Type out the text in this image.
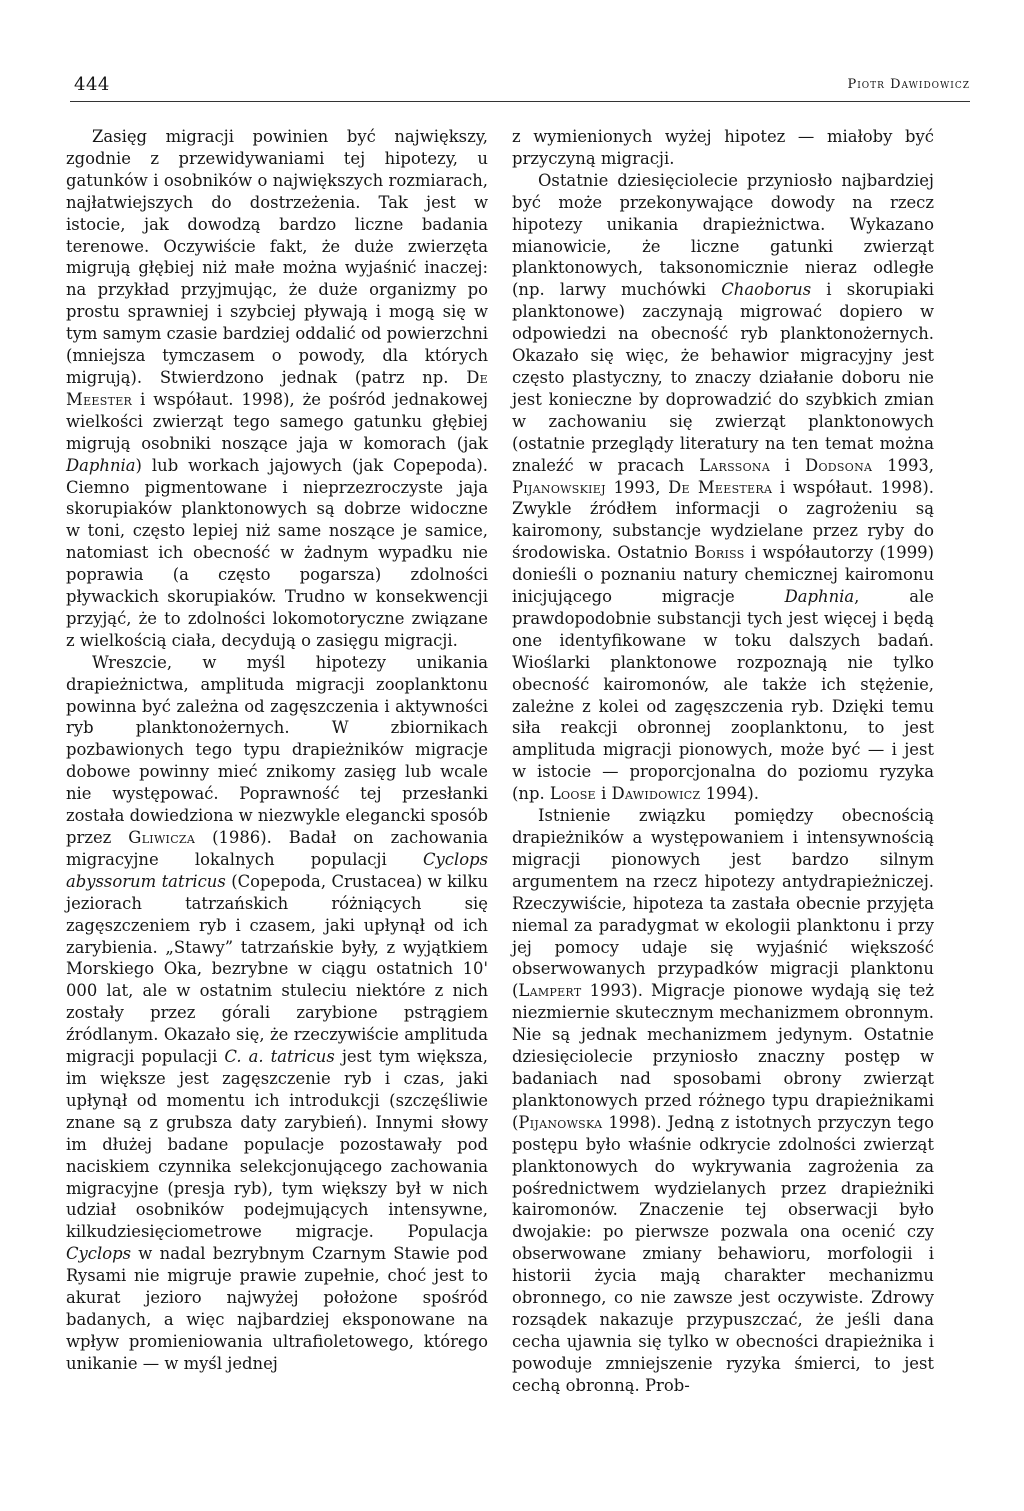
444	Piotr Dawidowicz

Zasięg migracji powinien być największy, zgodnie z przewidywaniami tej hipotezy, u gatunków i osobników o największych rozmiarach, najłatwiejszych do dostrzeżenia. Tak jest w istocie, jak dowodzą bardzo liczne badania terenowe. Oczywiście fakt, że duże zwierzęta migrują głębiej niż małe można wyjaśnić inaczej: na przykład przyjmując, że duże organizmy po prostu sprawniej i szybciej pływają i mogą się w tym samym czasie bardziej oddalić od powierzchni (mniejsza tymczasem o powody, dla których migrują). Stwierdzono jednak (patrz np. De Meester i współaut. 1998), że pośród jednakowej wielkości zwierząt tego samego gatunku głębiej migrują osobniki noszące jaja w komorach (jak Daphnia) lub workach jajowych (jak Copepoda). Ciemno pigmentowane i nieprzezroczyste jaja skorupiaków planktonowych są dobrze widoczne w toni, często lepiej niż same noszące je samice, natomiast ich obecność w żadnym wypadku nie poprawia (a często pogarsza) zdolności pływackich skorupiaków. Trudno w konsekwencji przyjąć, że to zdolności lokomotoryczne związane z wielkością ciała, decydują o zasięgu migracji.

Wreszcie, w myśl hipotezy unikania drapieżnictwa, amplituda migracji zooplanktonu powinna być zależna od zagęszczenia i aktywności ryb planktonożernych. W zbiornikach pozbawionych tego typu drapieżników migracje dobowe powinny mieć znikomy zasięg lub wcale nie występować. Poprawność tej przesłanki została dowiedziona w niezwykle elegancki sposób przez Gliwicza (1986). Badał on zachowania migracyjne lokalnych populacji Cyclops abyssorum tatricus (Copepoda, Crustacea) w kilku jeziorach tatrzańskich różniących się zagęszczeniem ryb i czasem, jaki upłynął od ich zarybienia. „Stawy” tatrzańskie były, z wyjątkiem Morskiego Oka, bezrybne w ciągu ostatnich 10' 000 lat, ale w ostatnim stuleciu niektóre z nich zostały przez górali zarybione pstrągiem źródlanym. Okazało się, że rzeczywiście amplituda migracji populacji C. a. tatricus jest tym większa, im większe jest zagęszczenie ryb i czas, jaki upłynął od momentu ich introdukcji (szczęśliwie znane są z grubsza daty zarybień). Innymi słowy im dłużej badane populacje pozostawały pod naciskiem czynnika selekcjonującego zachowania migracyjne (presja ryb), tym większy był w nich udział osobników podejmujących intensywne, kilkudziesięciometrowe migracje. Populacja Cyclops w nadal bezrybnym Czarnym Stawie pod Rysami nie migruje prawie zupełnie, choć jest to akurat jezioro najwyżej położone spośród badanych, a więc najbardziej eksponowane na wpływ promieniowania ultrafioletowego, którego unikanie — w myśl jednej

z wymienionych wyżej hipotez — miałoby być przyczyną migracji.

Ostatnie dziesięciolecie przyniosło najbardziej być może przekonywające dowody na rzecz hipotezy unikania drapieżnictwa. Wykazano mianowicie, że liczne gatunki zwierząt planktonowych, taksonomicznie nieraz odległe (np. larwy muchówki Chaoborus i skorupiaki planktonowe) zaczynają migrować dopiero w odpowiedzi na obecność ryb planktonożernych. Okazało się więc, że behawior migracyjny jest często plastyczny, to znaczy działanie doboru nie jest konieczne by doprowadzić do szybkich zmian w zachowaniu się zwierząt planktonowych (ostatnie przeglądy literatury na ten temat można znaleźć w pracach Larssona i Dodsona 1993, Pijanowskiej 1993, De Meestera i współaut. 1998). Zwykle źródłem informacji o zagrożeniu są kairomony, substancje wydzielane przez ryby do środowiska. Ostatnio Boriss i współautorzy (1999) donieśli o poznaniu natury chemicznej kairomonu inicjującego migracje Daphnia, ale prawdopodobnie substancji tych jest więcej i będą one identyfikowane w toku dalszych badań. Wioślarki planktonowe rozpoznają nie tylko obecność kairomonów, ale także ich stężenie, zależne z kolei od zagęszczenia ryb. Dzięki temu siła reakcji obronnej zooplanktonu, to jest amplituda migracji pionowych, może być — i jest w istocie — proporcjonalna do poziomu ryzyka (np. Loose i Dawidowicz 1994).

Istnienie związku pomiędzy obecnością drapieżników a występowaniem i intensywnością migracji pionowych jest bardzo silnym argumentem na rzecz hipotezy antydrapieżniczej. Rzeczywiście, hipoteza ta zastała obecnie przyjęta niemal za paradygmat w ekologii planktonu i przy jej pomocy udaje się wyjaśnić większość obserwowanych przypadków migracji planktonu (Lampert 1993). Migracje pionowe wydają się też niezmiernie skutecznym mechanizmem obronnym. Nie są jednak mechanizmem jedynym. Ostatnie dziesięciolecie przyniosło znaczny postęp w badaniach nad sposobami obrony zwierząt planktonowych przed różnego typu drapieżnikami (Pijanowska 1998). Jedną z istotnych przyczyn tego postępu było właśnie odkrycie zdolności zwierząt planktonowych do wykrywania zagrożenia za pośrednictwem wydzielanych przez drapieżniki kairomonów. Znaczenie tej obserwacji było dwojakie: po pierwsze pozwala ona ocenić czy obserwowane zmiany behawioru, morfologii i historii życia mają charakter mechanizmu obronnego, co nie zawsze jest oczywiste. Zdrowy rozsądek nakazuje przypuszczać, że jeśli dana cecha ujawnia się tylko w obecności drapieżnika i powoduje zmniejszenie ryzyka śmierci, to jest cechą obronną. Prob-
